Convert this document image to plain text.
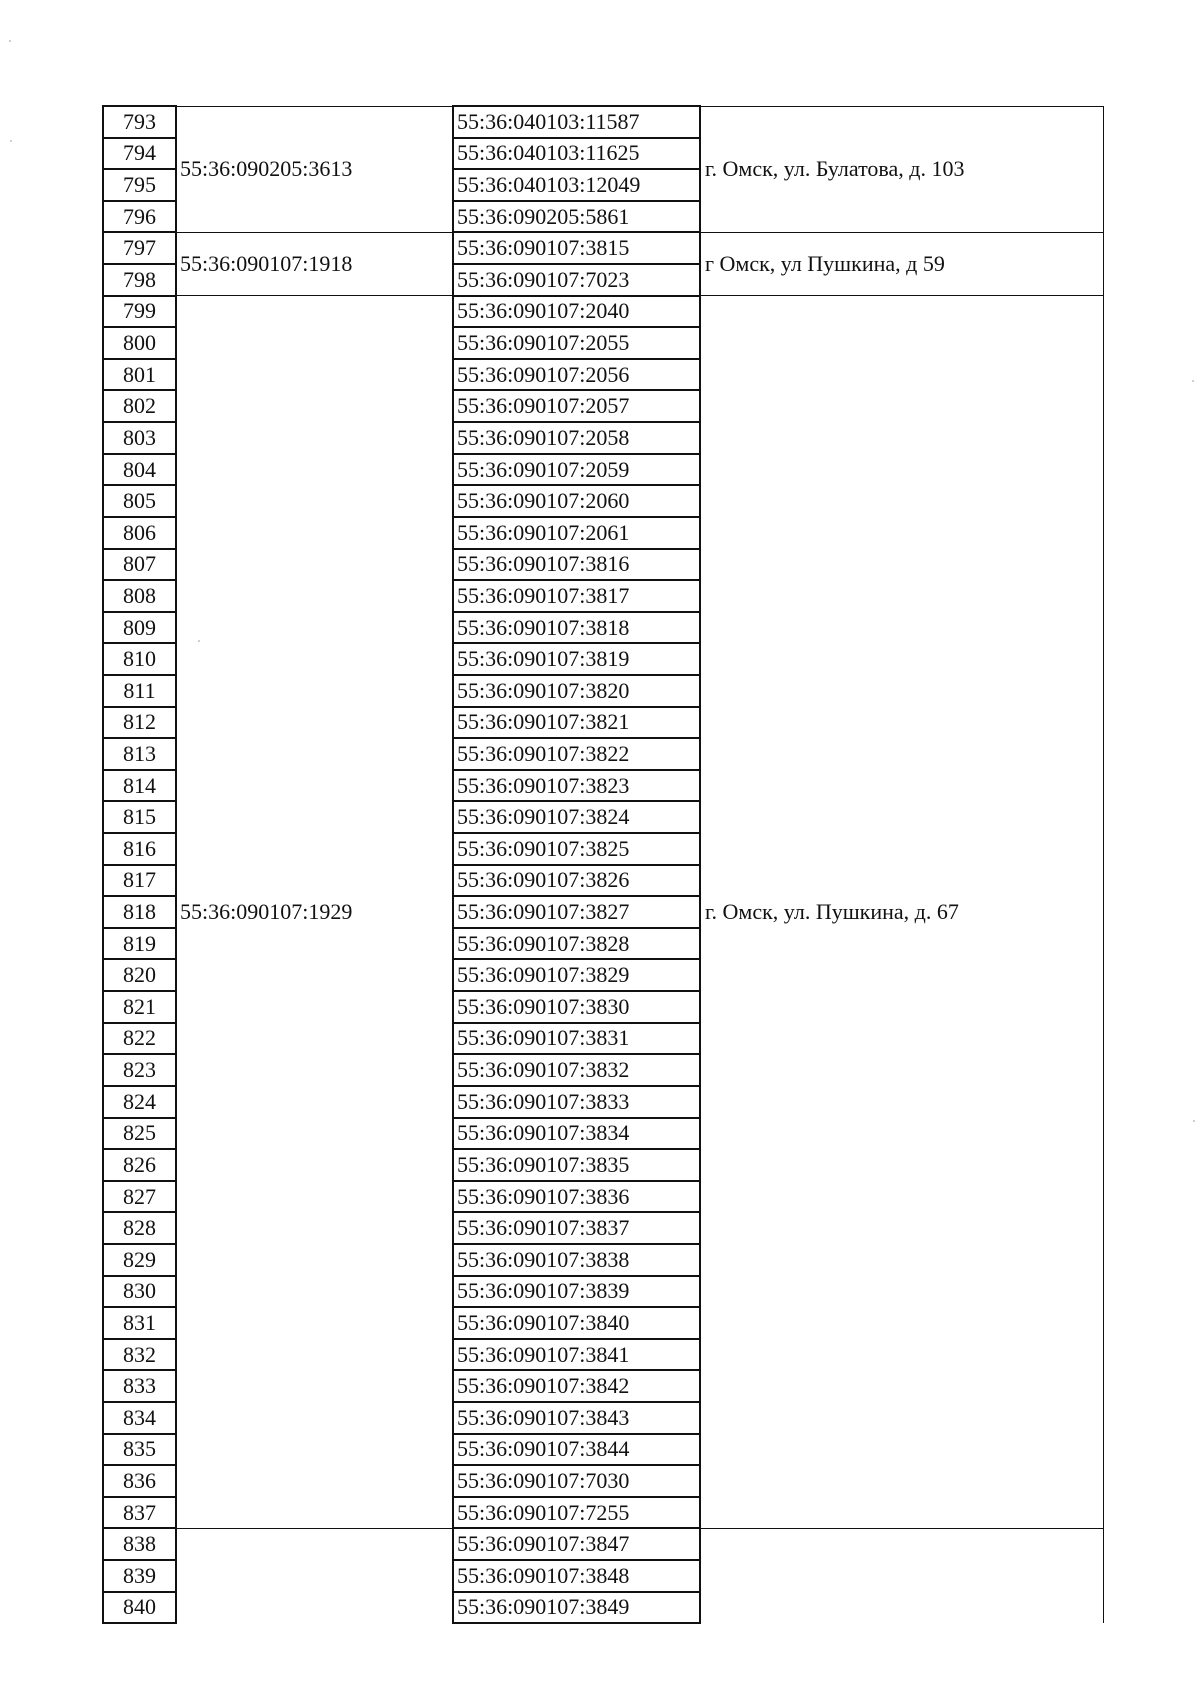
793	55:36:090205:3613	55:36:040103:11587	г. Омск, ул. Булатова, д. 103
794		55:36:040103:11625	
795		55:36:040103:12049	
796		55:36:090205:5861	
797	55:36:090107:1918	55:36:090107:3815	г Омск, ул Пушкина, д 59
798		55:36:090107:7023	
799	55:36:090107:1929	55:36:090107:2040	г. Омск, ул. Пушкина, д. 67
800		55:36:090107:2055	
801		55:36:090107:2056	
802		55:36:090107:2057	
803		55:36:090107:2058	
804		55:36:090107:2059	
805		55:36:090107:2060	
806		55:36:090107:2061	
807		55:36:090107:3816	
808		55:36:090107:3817	
809		55:36:090107:3818	
810		55:36:090107:3819	
811		55:36:090107:3820	
812		55:36:090107:3821	
813		55:36:090107:3822	
814		55:36:090107:3823	
815		55:36:090107:3824	
816		55:36:090107:3825	
817		55:36:090107:3826	
818		55:36:090107:3827	
819		55:36:090107:3828	
820		55:36:090107:3829	
821		55:36:090107:3830	
822		55:36:090107:3831	
823		55:36:090107:3832	
824		55:36:090107:3833	
825		55:36:090107:3834	
826		55:36:090107:3835	
827		55:36:090107:3836	
828		55:36:090107:3837	
829		55:36:090107:3838	
830		55:36:090107:3839	
831		55:36:090107:3840	
832		55:36:090107:3841	
833		55:36:090107:3842	
834		55:36:090107:3843	
835		55:36:090107:3844	
836		55:36:090107:7030	
837		55:36:090107:7255	
838		55:36:090107:3847	
839		55:36:090107:3848	
840		55:36:090107:3849	
